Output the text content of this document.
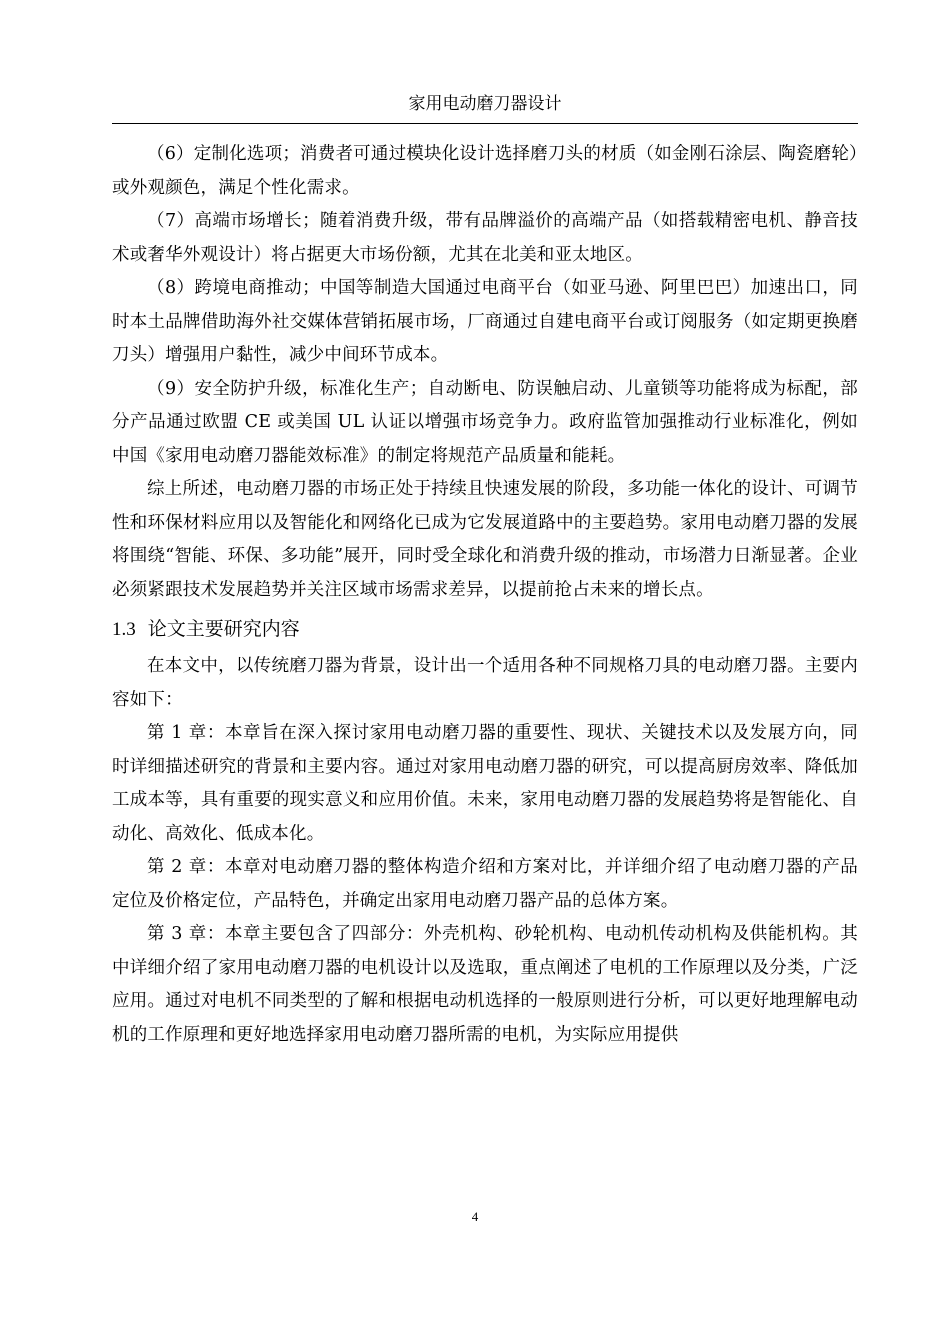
家用电动磨刀器设计

（6）定制化选项；消费者可通过模块化设计选择磨刀头的材质（如金刚石涂层、陶瓷磨轮）或外观颜色，满足个性化需求。

（7）高端市场增长；随着消费升级，带有品牌溢价的高端产品（如搭载精密电机、静音技术或奢华外观设计）将占据更大市场份额，尤其在北美和亚太地区。

（8）跨境电商推动；中国等制造大国通过电商平台（如亚马逊、阿里巴巴）加速出口，同时本土品牌借助海外社交媒体营销拓展市场，厂商通过自建电商平台或订阅服务（如定期更换磨刀头）增强用户黏性，减少中间环节成本。

（9）安全防护升级，标准化生产；自动断电、防误触启动、儿童锁等功能将成为标配，部分产品通过欧盟 CE 或美国 UL 认证以增强市场竞争力。政府监管加强推动行业标准化，例如中国《家用电动磨刀器能效标准》的制定将规范产品质量和能耗。

综上所述，电动磨刀器的市场正处于持续且快速发展的阶段，多功能一体化的设计、可调节性和环保材料应用以及智能化和网络化已成为它发展道路中的主要趋势。家用电动磨刀器的发展将围绕“智能、环保、多功能”展开，同时受全球化和消费升级的推动，市场潜力日渐显著。企业必须紧跟技术发展趋势并关注区域市场需求差异，以提前抢占未来的增长点。

1.3 论文主要研究内容

在本文中，以传统磨刀器为背景，设计出一个适用各种不同规格刀具的电动磨刀器。主要内容如下：

第 1 章：本章旨在深入探讨家用电动磨刀器的重要性、现状、关键技术以及发展方向，同时详细描述研究的背景和主要内容。通过对家用电动磨刀器的研究，可以提高厨房效率、降低加工成本等，具有重要的现实意义和应用价值。未来，家用电动磨刀器的发展趋势将是智能化、自动化、高效化、低成本化。

第 2 章：本章对电动磨刀器的整体构造介绍和方案对比，并详细介绍了电动磨刀器的产品定位及价格定位，产品特色，并确定出家用电动磨刀器产品的总体方案。

第 3 章：本章主要包含了四部分：外壳机构、砂轮机构、电动机传动机构及供能机构。其中详细介绍了家用电动磨刀器的电机设计以及选取，重点阐述了电机的工作原理以及分类，广泛应用。通过对电机不同类型的了解和根据电动机选择的一般原则进行分析，可以更好地理解电动机的工作原理和更好地选择家用电动磨刀器所需的电机，为实际应用提供

4
